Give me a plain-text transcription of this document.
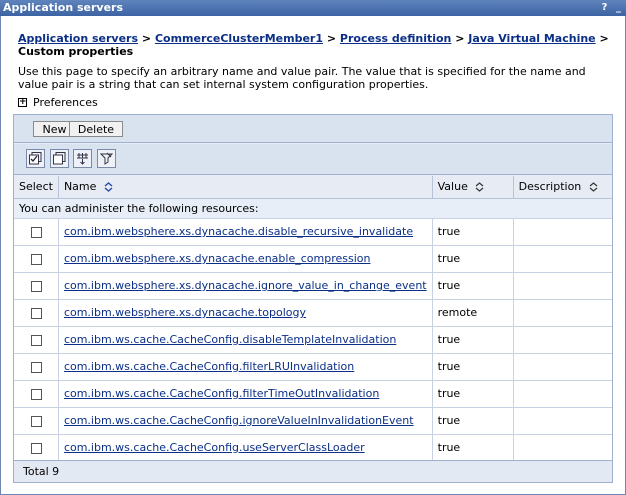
Application servers	? _
Application servers > CommerceClusterMember1 > Process definition > Java Virtual Machine > Custom properties
Use this page to specify an arbitrary name and value pair. The value that is specified for the name and value pair is a string that can set internal system configuration properties.
+ Preferences
New	Delete
Select	Name	Value	Description
You can administer the following resources:			
	com.ibm.websphere.xs.dynacache.disable_recursive_invalidate	true	
	com.ibm.websphere.xs.dynacache.enable_compression	true	
	com.ibm.websphere.xs.dynacache.ignore_value_in_change_event	true	
	com.ibm.websphere.xs.dynacache.topology	remote	
	com.ibm.ws.cache.CacheConfig.disableTemplateInvalidation	true	
	com.ibm.ws.cache.CacheConfig.filterLRUInvalidation	true	
	com.ibm.ws.cache.CacheConfig.filterTimeOutInvalidation	true	
	com.ibm.ws.cache.CacheConfig.ignoreValueInInvalidationEvent	true	
	com.ibm.ws.cache.CacheConfig.useServerClassLoader	true	
Total 9
